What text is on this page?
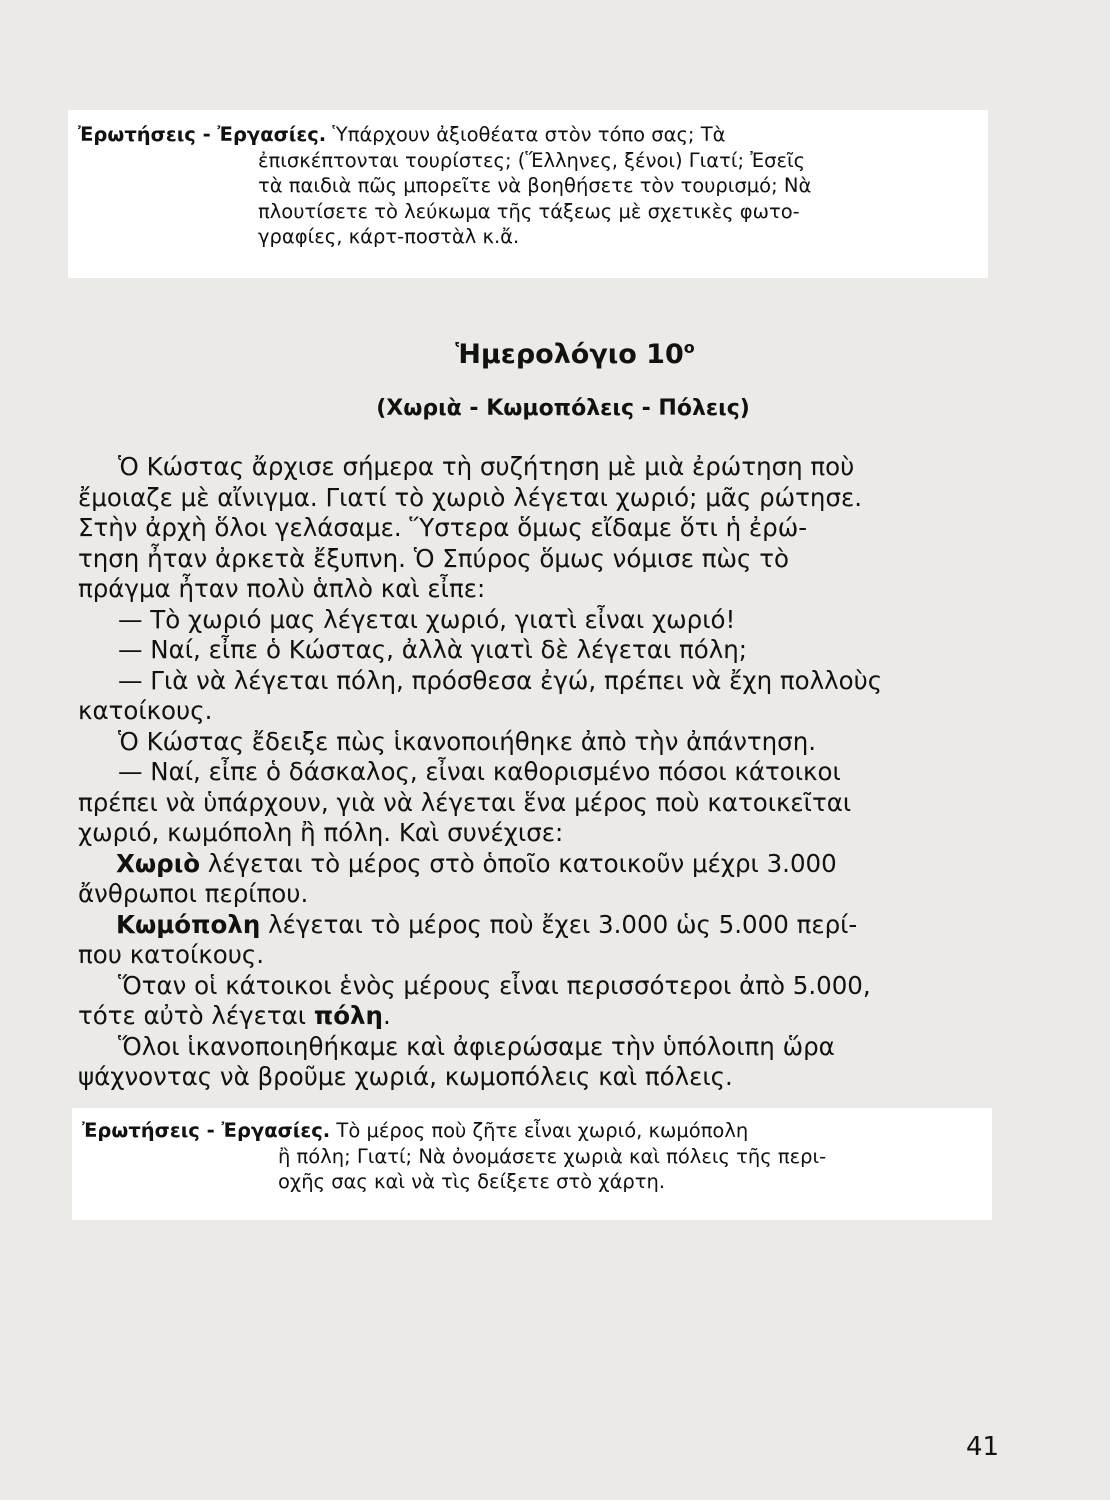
Ἐρωτήσεις - Ἐργασίες. Ὑπάρχουν ἀξιοθέατα στὸν τόπο σας; Τὰ

ἐπισκέπτονται τουρίστες; (Ἕλληνες, ξένοι) Γιατί; Ἐσεῖς

τὰ παιδιὰ πῶς μπορεῖτε νὰ βοηθήσετε τὸν τουρισμό; Νὰ

πλουτίσετε τὸ λεύκωμα τῆς τάξεως μὲ σχετικὲς φωτο-

γραφίες, κάρτ-ποστὰλ κ.ἄ.

Ἡμερολόγιο $10^o$
(Χωριὰ - Κωμοπόλεις - Πόλεις)

Ὁ Κώστας ἄρχισε σήμερα τὴ συζήτηση μὲ μιὰ ἐρώτηση ποὺ

ἔμοιαζε μὲ αἴνιγμα. Γιατί τὸ χωριὸ λέγεται χωριό; μᾶς ρώτησε.

Στὴν ἀρχὴ ὅλοι γελάσαμε. Ὕστερα ὅμως εἴδαμε ὅτι ἡ ἐρώ-

τηση ἦταν ἀρκετὰ ἔξυπνη. Ὁ Σπύρος ὅμως νόμισε πὼς τὸ

πράγμα ἦταν πολὺ ἁπλὸ καὶ εἶπε:

— Τὸ χωριό μας λέγεται χωριό, γιατὶ εἶναι χωριό!

— Ναί, εἶπε ὁ Κώστας, ἀλλὰ γιατὶ δὲ λέγεται πόλη;

— Γιὰ νὰ λέγεται πόλη, πρόσθεσα ἐγώ, πρέπει νὰ ἔχη πολλοὺς

κατοίκους.

Ὁ Κώστας ἔδειξε πὼς ἱκανοποιήθηκε ἀπὸ τὴν ἀπάντηση.

— Ναί, εἶπε ὁ δάσκαλος, εἶναι καθορισμένο πόσοι κάτοικοι

πρέπει νὰ ὑπάρχουν, γιὰ νὰ λέγεται ἕνα μέρος ποὺ κατοικεῖται

χωριό, κωμόπολη ἢ πόλη. Καὶ συνέχισε:

Χωριὸ λέγεται τὸ μέρος στὸ ὁποῖο κατοικοῦν μέχρι 3.000

ἄνθρωποι περίπου.

Κωμόπολη λέγεται τὸ μέρος ποὺ ἔχει 3.000 ὡς 5.000 περί-

που κατοίκους.

Ὅταν οἱ κάτοικοι ἑνὸς μέρους εἶναι περισσότεροι ἀπὸ 5.000,

τότε αὐτὸ λέγεται πόλη.

Ὅλοι ἱκανοποιηθήκαμε καὶ ἀφιερώσαμε τὴν ὑπόλοιπη ὥρα

ψάχνοντας νὰ βροῦμε χωριά, κωμοπόλεις καὶ πόλεις.

Ἐρωτήσεις - Ἐργασίες. Τὸ μέρος ποὺ ζῆτε εἶναι χωριό, κωμόπολη

ἢ πόλη; Γιατί; Νὰ ὀνομάσετε χωριὰ καὶ πόλεις τῆς περι-

οχῆς σας καὶ νὰ τὶς δείξετε στὸ χάρτη.

41
